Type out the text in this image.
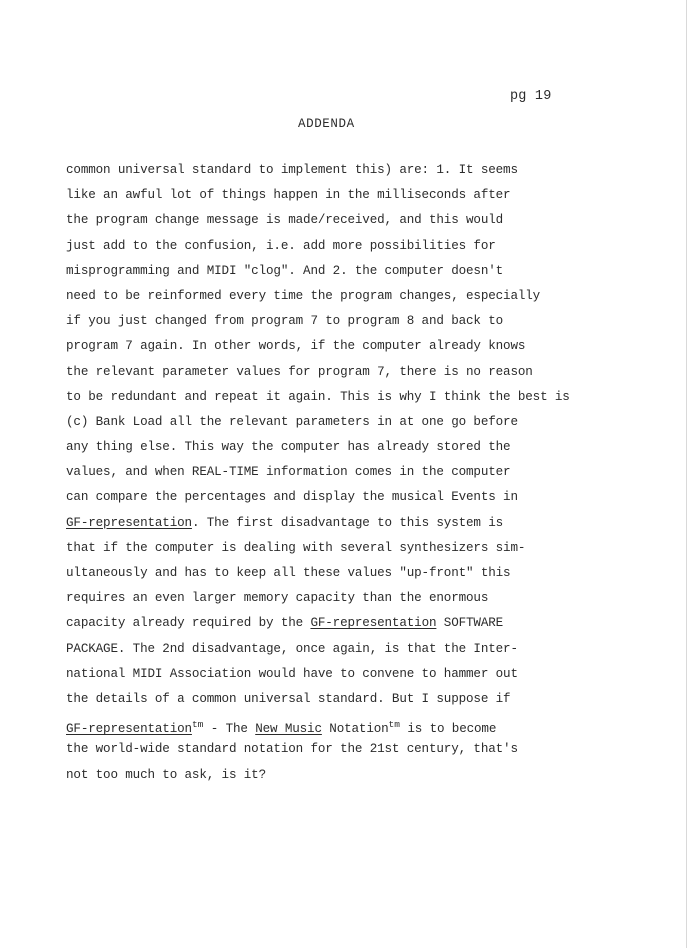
pg 19
ADDENDA
common universal standard to implement this) are: 1. It seems
like an awful lot of things happen in the milliseconds after
the program change message is made/received, and this would
just add to the confusion, i.e. add more possibilities for
misprogramming and MIDI "clog". And 2. the computer doesn't
need to be reinformed every time the program changes, especially
if you just changed from program 7 to program 8 and back to
program 7 again. In other words, if the computer already knows
the relevant parameter values for program 7, there is no reason
to be redundant and repeat it again. This is why I think the best is
(c) Bank Load all the relevant parameters in at one go before
any thing else. This way the computer has already stored the
values, and when REAL-TIME information comes in the computer
can compare the percentages and display the musical Events in
GF-representation. The first disadvantage to this system is
that if the computer is dealing with several synthesizers sim-
ultaneously and has to keep all these values "up-front" this
requires an even larger memory capacity than the enormous
capacity already required by the GF-representation SOFTWARE
PACKAGE. The 2nd disadvantage, once again, is that the Inter-
national MIDI Association would have to convene to hammer out
the details of a common universal standard. But I suppose if
GF-representation$^{tm}$ - The New Music Notation$^{tm}$ is to become
the world-wide standard notation for the 21st century, that's
not too much to ask, is it?
